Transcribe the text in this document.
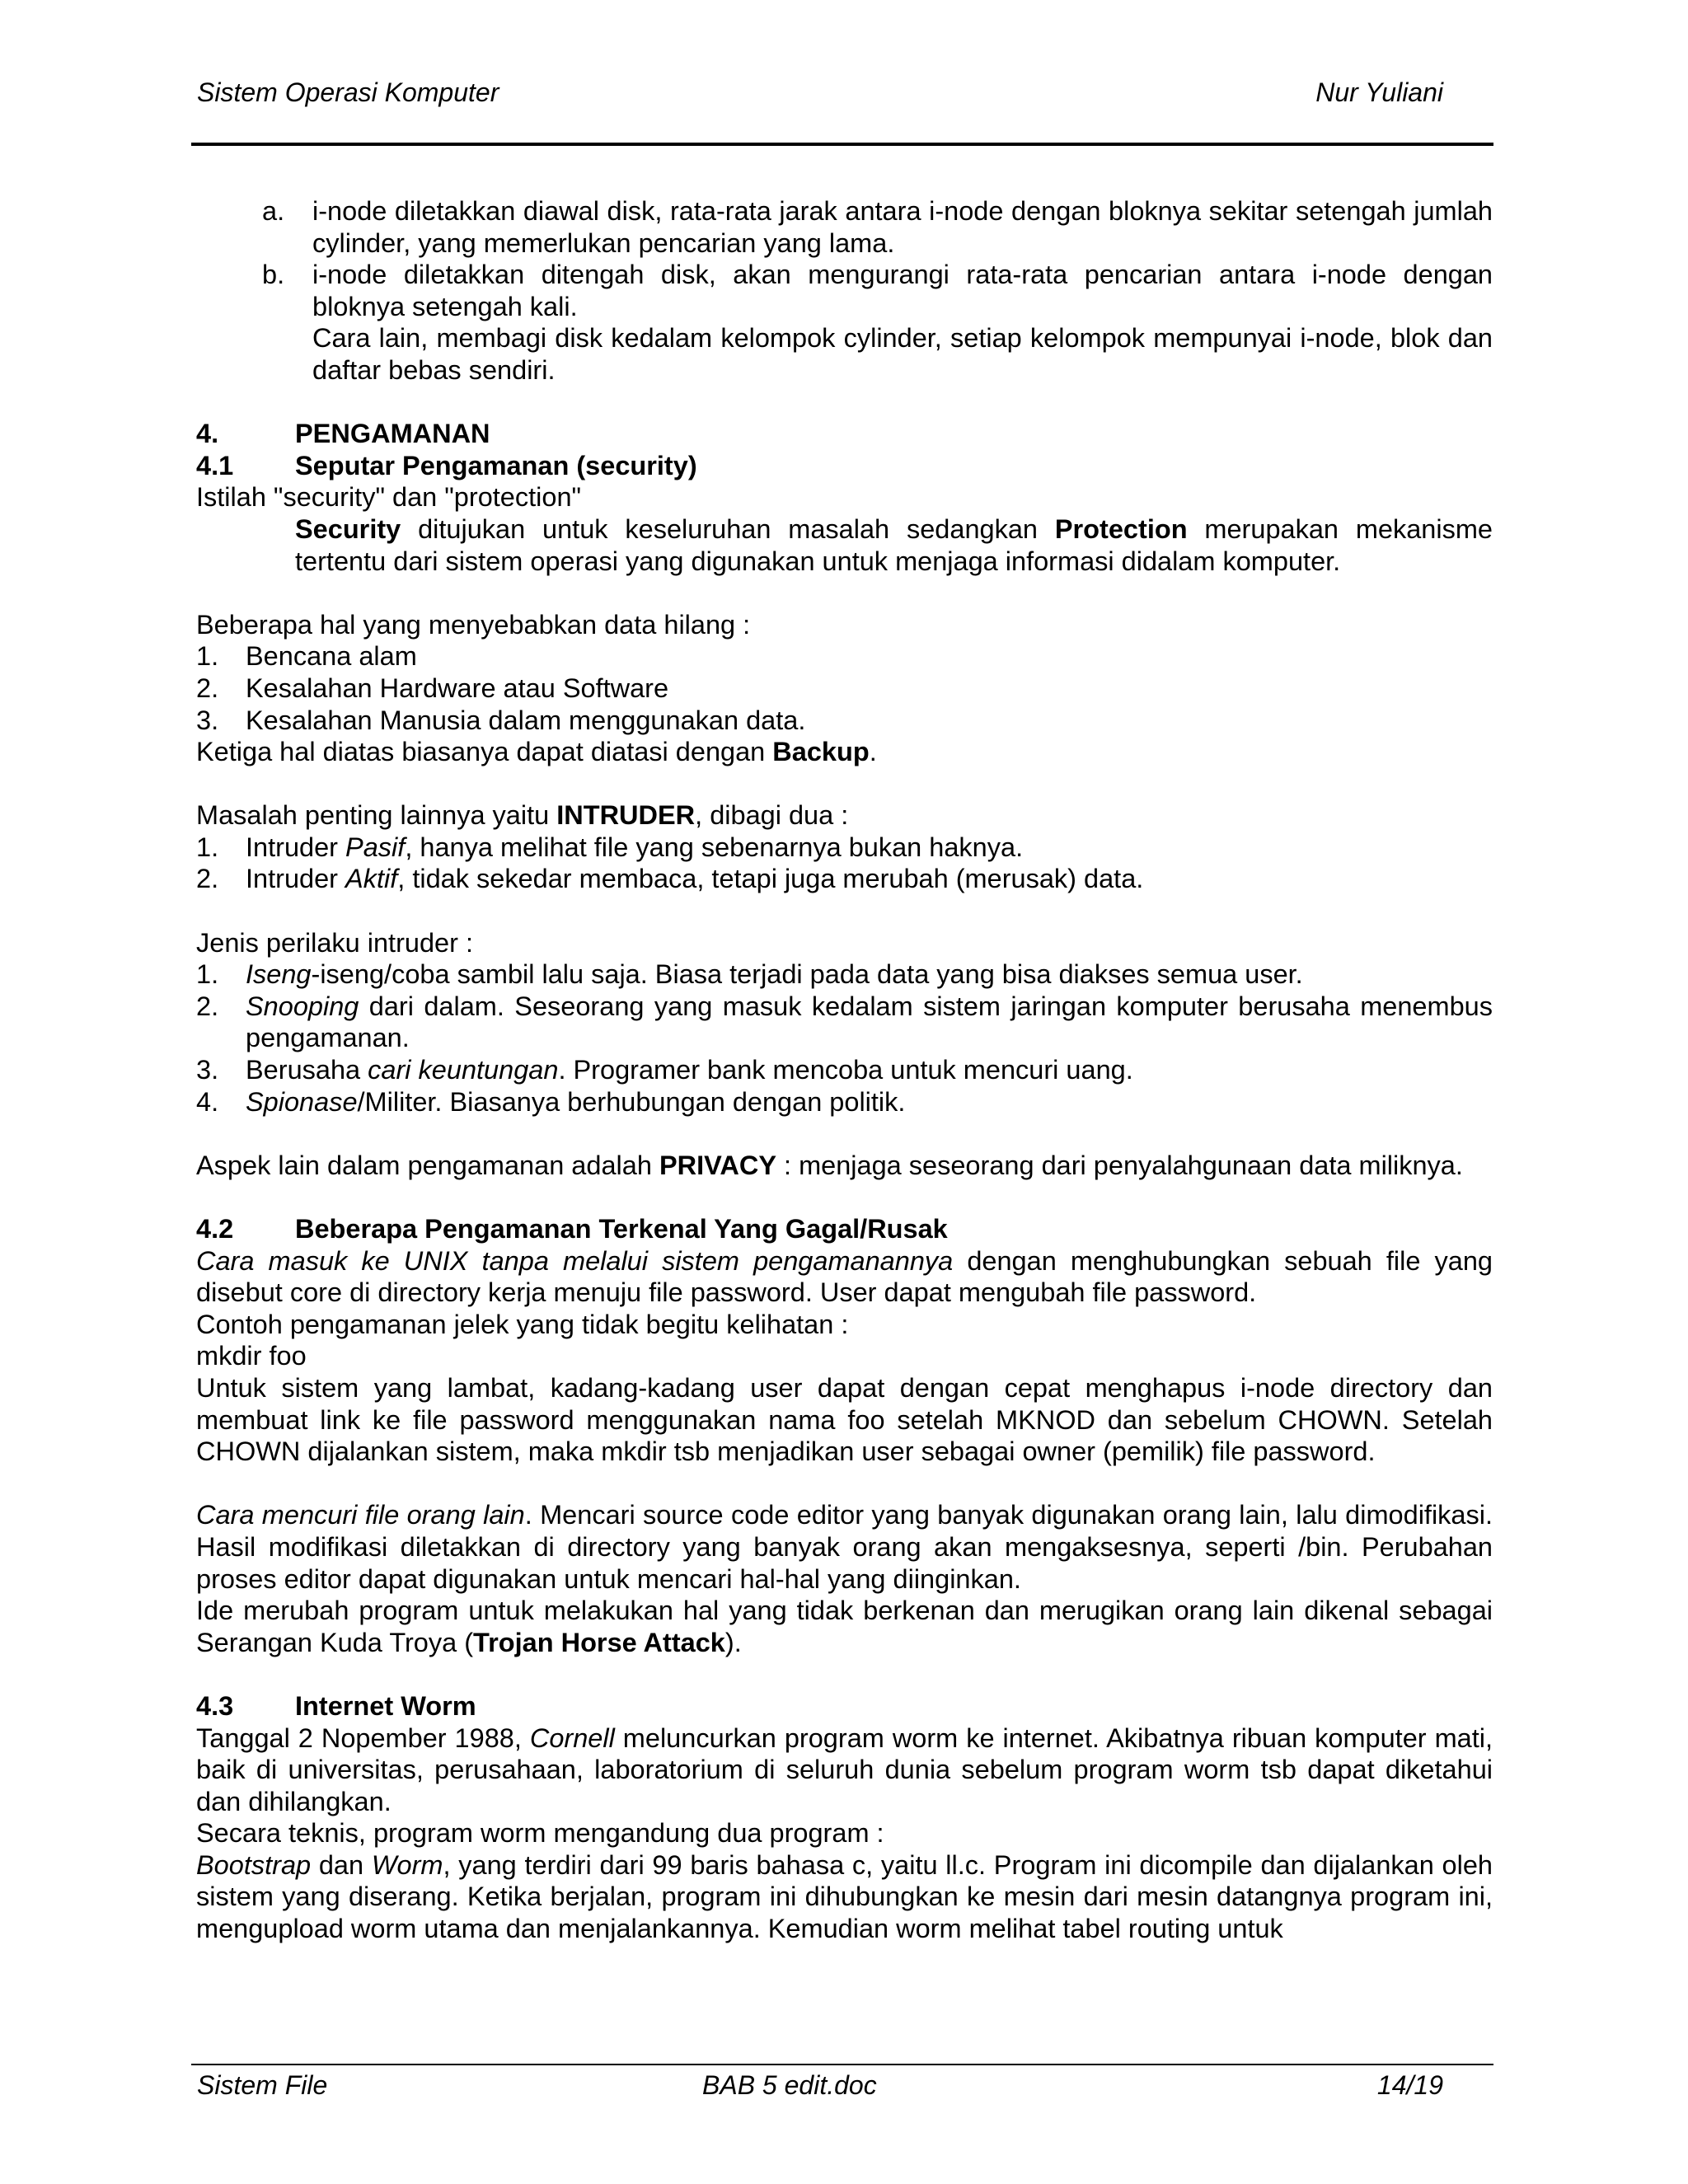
Sistem Operasi Komputer	Nur Yuliani
a. i-node diletakkan diawal disk, rata-rata jarak antara i-node dengan bloknya sekitar setengah jumlah cylinder, yang memerlukan pencarian yang lama.
b. i-node diletakkan ditengah disk, akan mengurangi rata-rata pencarian antara i-node dengan bloknya setengah kali.

Cara lain, membagi disk kedalam kelompok cylinder, setiap kelompok mempunyai i-node, blok dan daftar bebas sendiri.

4.	PENGAMANAN
4.1 Seputar Pengamanan (security)

Istilah "security" dan "protection"

Security ditujukan untuk keseluruhan masalah sedangkan Protection merupakan mekanisme tertentu dari sistem operasi yang digunakan untuk menjaga informasi didalam komputer.

Beberapa hal yang menyebabkan data hilang :

1. Bencana alam
2. Kesalahan Hardware atau Software
3. Kesalahan Manusia dalam menggunakan data.

Ketiga hal diatas biasanya dapat diatasi dengan Backup.

Masalah penting lainnya yaitu INTRUDER, dibagi dua :

1. Intruder Pasif, hanya melihat file yang sebenarnya bukan haknya.
2. Intruder Aktif, tidak sekedar membaca, tetapi juga merubah (merusak) data.

Jenis perilaku intruder :

1. Iseng-iseng/coba sambil lalu saja. Biasa terjadi pada data yang bisa diakses semua user.
2. Snooping dari dalam. Seseorang yang masuk kedalam sistem jaringan komputer berusaha menembus pengamanan.
3. Berusaha cari keuntungan. Programer bank mencoba untuk mencuri uang.
4. Spionase/Militer. Biasanya berhubungan dengan politik.

Aspek lain dalam pengamanan adalah PRIVACY : menjaga seseorang dari penyalahgunaan data miliknya.

4.2 Beberapa Pengamanan Terkenal Yang Gagal/Rusak

Cara masuk ke UNIX tanpa melalui sistem pengamanannya dengan menghubungkan sebuah file yang disebut core di directory kerja menuju file password. User dapat mengubah file password.

Contoh pengamanan jelek yang tidak begitu kelihatan :

mkdir foo

Untuk sistem yang lambat, kadang-kadang user dapat dengan cepat menghapus i-node directory dan membuat link ke file password menggunakan nama foo setelah MKNOD dan sebelum CHOWN. Setelah CHOWN dijalankan sistem, maka mkdir tsb menjadikan user sebagai owner (pemilik) file password.

Cara mencuri file orang lain. Mencari source code editor yang banyak digunakan orang lain, lalu dimodifikasi. Hasil modifikasi diletakkan di directory yang banyak orang akan mengaksesnya, seperti /bin. Perubahan proses editor dapat digunakan untuk mencari hal-hal yang diinginkan.

Ide merubah program untuk melakukan hal yang tidak berkenan dan merugikan orang lain dikenal sebagai Serangan Kuda Troya (Trojan Horse Attack).

4.3 Internet Worm

Tanggal 2 Nopember 1988, Cornell meluncurkan program worm ke internet. Akibatnya ribuan komputer mati, baik di universitas, perusahaan, laboratorium di seluruh dunia sebelum program worm tsb dapat diketahui dan dihilangkan.

Secara teknis, program worm mengandung dua program :

Bootstrap dan Worm, yang terdiri dari 99 baris bahasa c, yaitu ll.c. Program ini dicompile dan dijalankan oleh sistem yang diserang. Ketika berjalan, program ini dihubungkan ke mesin dari mesin datangnya program ini, mengupload worm utama dan menjalankannya. Kemudian worm melihat tabel routing untuk

Sistem File	BAB 5 edit.doc	14/19
